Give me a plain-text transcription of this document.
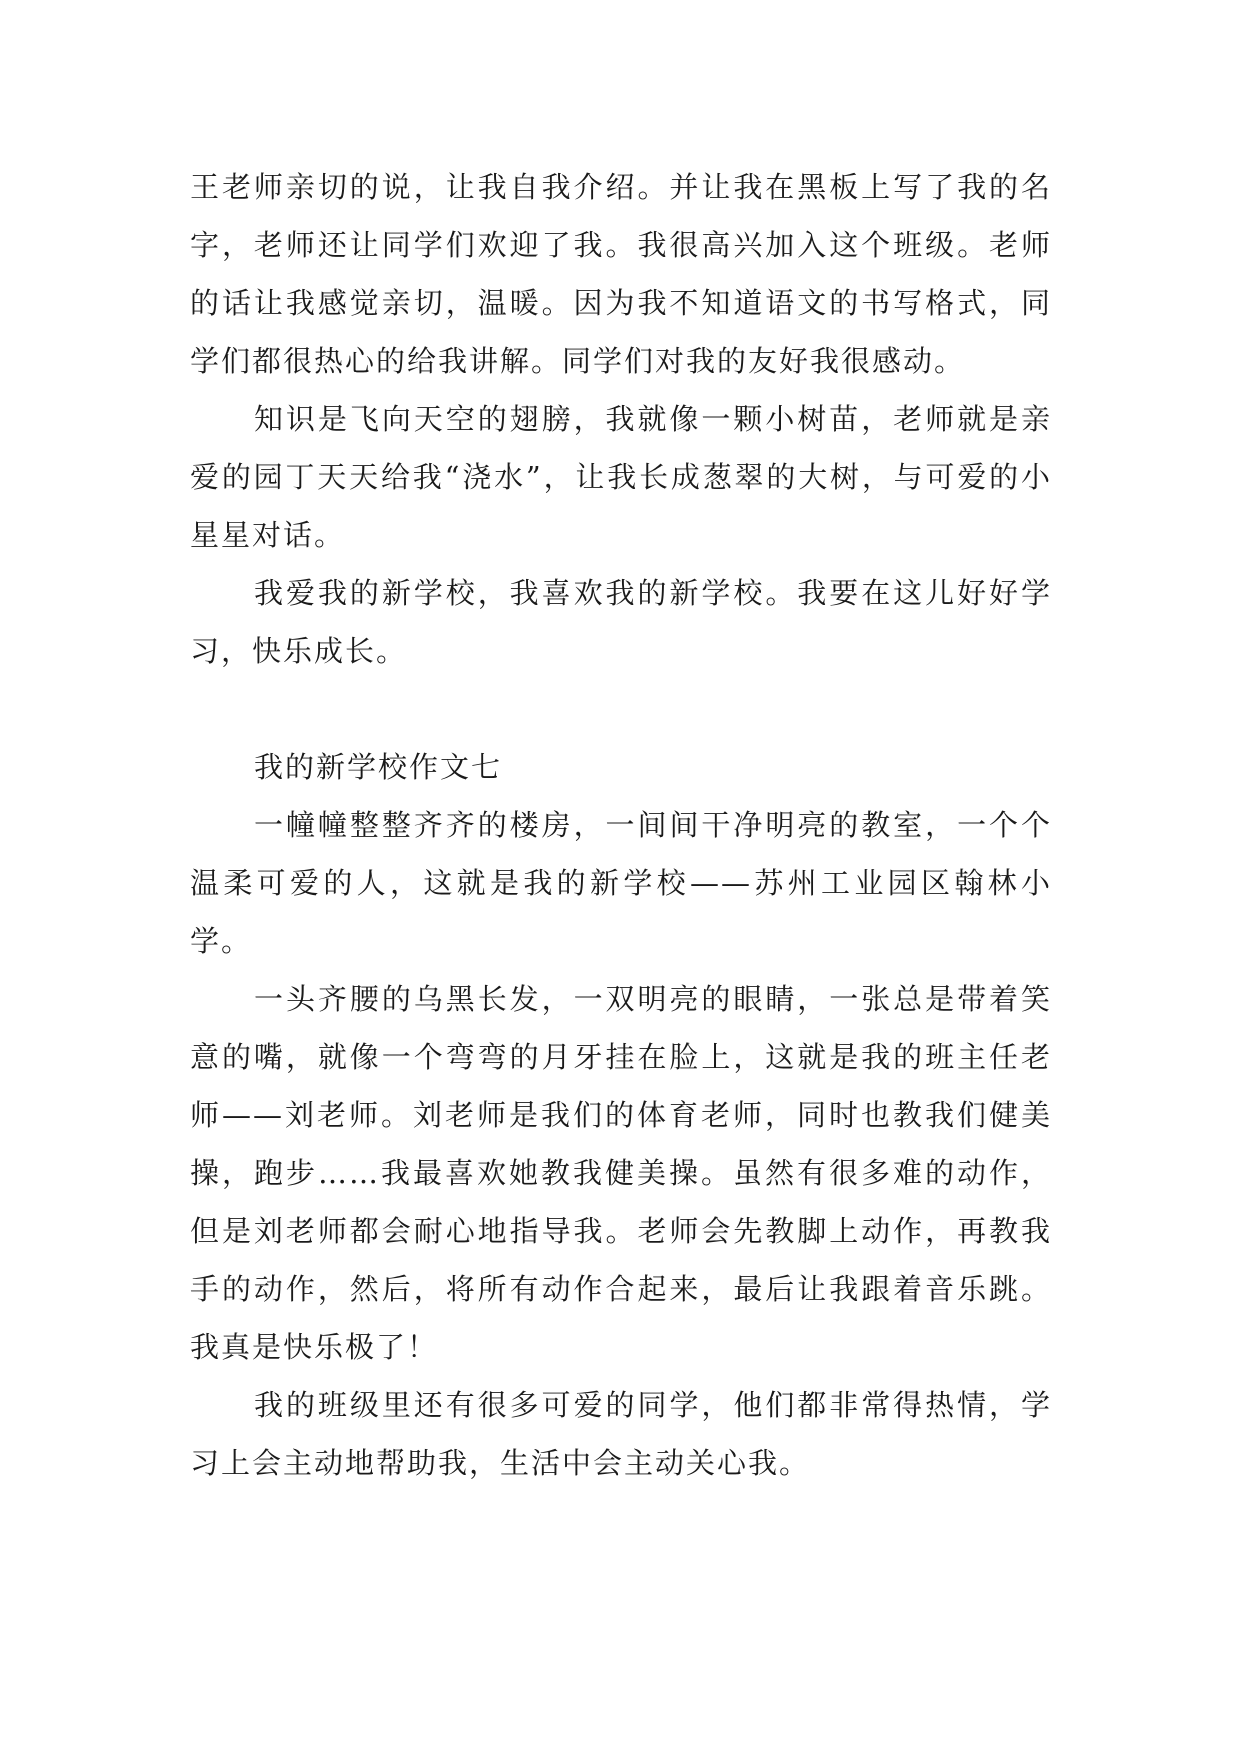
王老师亲切的说，让我自我介绍。并让我在黑板上写了我的名字，老师还让同学们欢迎了我。我很高兴加入这个班级。老师的话让我感觉亲切，温暖。因为我不知道语文的书写格式，同学们都很热心的给我讲解。同学们对我的友好我很感动。

知识是飞向天空的翅膀，我就像一颗小树苗，老师就是亲爱的园丁天天给我“浇水”，让我长成葱翠的大树，与可爱的小星星对话。

我爱我的新学校，我喜欢我的新学校。我要在这儿好好学习，快乐成长。

我的新学校作文七

一幢幢整整齐齐的楼房，一间间干净明亮的教室，一个个温柔可爱的人，这就是我的新学校——苏州工业园区翰林小学。

一头齐腰的乌黑长发，一双明亮的眼睛，一张总是带着笑意的嘴，就像一个弯弯的月牙挂在脸上，这就是我的班主任老师——刘老师。刘老师是我们的体育老师，同时也教我们健美操，跑步……我最喜欢她教我健美操。虽然有很多难的动作，但是刘老师都会耐心地指导我。老师会先教脚上动作，再教我手的动作，然后，将所有动作合起来，最后让我跟着音乐跳。我真是快乐极了！

我的班级里还有很多可爱的同学，他们都非常得热情，学习上会主动地帮助我，生活中会主动关心我。
